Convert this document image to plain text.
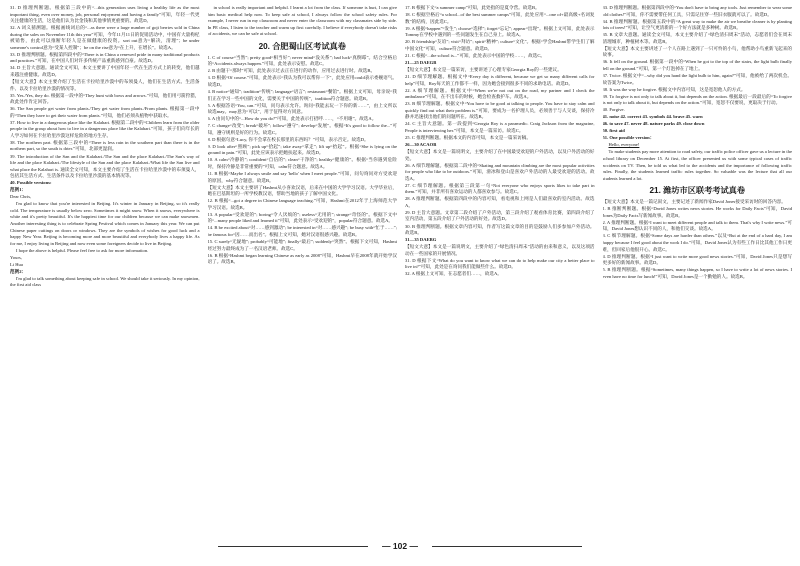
31. D 推理判断题。根据第三段中的“...this generation uses living a healthy life as the most important thing, even over money, job, personal enjoyment and having a family”可知，年轻一代更关注健康的生活，这是他们认为比金钱和其他事情更重要的。故选D。

32. A 词义猜测题。根据画线词后的“...as there were a large number of goji berries sold in China during the sales on November 11th this year”可知，今年11月11日的促销活动中，中国有大量枸杞被销售，由此可以推断年轻人是在做健康的投资。sort out意为“解决，清理”；be under someone's control意为“受某人控制”；be on the rise意为“在上升，在增长”。故选A。

33. D 推理判断题。根据第四段中的“There is in China a renewed pride in many traditional products and practices.”可知，在中国人们对许多传统产品重新感到自豪。故选D。

34. D 主旨大意题。通读全文可知，本文主要讲了中国年轻一代在生活方式上的转变，他们越来越注重健康。故选D。

【短文大意】本文主要介绍了生活在卡拉哈里沙漠中的布须曼人，他们在生活方式、生活条件、以及卡拉哈里沙漠的情况等。

35. Yes./Yes, they do. 根据第一段中的“They hunt with bows and arrows.”可知，他们用弓箭狩猎，故此处作肯定回答。

36. The San people get water from plants./They get water from plants./From plants. 根据第一段中的“Then they have to get their water from plants.”可知，他们必须从植物中获取水。

37. How to live in a dangerous place like the Kalahari. 根据第二段中的“Children learn from the older people in the group about how to live in a dangerous place like the Kalahari.”可知，孩子们向年长的人学习如何在卡拉哈里沙漠这样危险的地方生存。

38. The northern part. 根据第三段中的“There is less rain in the southern part than there is in the northern part, so the south is drier.”可知，北部更湿润。

39. The introduction of the San and the Kalahari./The San and the place Kalahari./The San's way of life and the place Kalahari./The lifestyle of the San and the place Kalahari./What life the San live and what place the Kalahari is. 通读全文可知，本文主要介绍了生活在卡拉哈里沙漠中的布须曼人，包括其生活方式、生活条件以及卡拉哈里沙漠的基本情况等。

40. Possible versions:

范例1：

Dear Chris,

I'm glad to know that you're interested in Beijing. It's winter in January in Beijing, so it's really cold. The temperature is usually below zero. Sometimes it might snow. When it snows, everywhere is white and it's pretty beautiful. It's the happiest time for our children because we can make snowmen. Another interesting thing is to celebrate Spring Festival which comes in January this year. We can put Chinese paper cuttings on doors or windows. They are the symbols of wishes for good luck and a happy New Year. Beijing is becoming more and more beautiful and everybody lives a happy life. As for me, I enjoy living in Beijing and now even some foreigners decide to live in Beijing.

I hope the above is helpful. Please feel free to ask for more information.

Yours,

Li Hua

范例2：

I'm glad to talk something about keeping safe in school. We should take it seriously. In my opinion, the first aid class

in school is really important and helpful. I learnt a lot from the class. If someone is hurt, I can give him basic medical help now. To keep safe at school, I always follow the school safety rules. For example, I never run in my classroom and never enter the classroom with my classmates side by side. In PE class, I listen to the teacher and warm up first carefully. I believe if everybody doesn't take risks of accidents, we can be safe at school.

20. 合肥蜀山区考试真卷

1. C of course“当然”; pretty good“相当好”; never mind“没关系”; bad luck“真倒霉”。结合空格后的“Accidents always happen.”可知，此处表示安慰。故选C。

2. B 由题干“那时”可知，此处表示过去正在进行的动作，应用过去进行时。故选B。

3. D 根据“Of course.”可知，此处表示“我认为我可以帮你一下”，此处应用could表示委婉语气。故选D。

4. B notice“通知”; tradition“传统”; language“语言”; restaurant“餐馆”。根据上文可知，母亲说“我们正在学习一些中国的文化，需要关于中国的传统”，tradition符合题意。故选B。

5. A 根据答语“You, can.”可知，问句表示允许。询问“我能去玩一下你的新……”，由上文所以故选may。may意为“可以”，用于征得对方同意。

6. A 由问句中的“...How do you do?”可知，此处表示打招呼……，“不用谢”。故选A。

7. C change“改变”; break“破坏”; follow“遵守”; develop“发展”。根据“It's good to follow the...”可知，遵守规则是好的行为。故选C。

8. D 根据句意“Lucy, 你不会拿在校长那里的东西吗？”可知，表示否定。故选D。

9. D look after“照顾”; pick up“拾起”; take away“拿走”; lift up“抬起”。根据“She is lying on the ground in pain.”可知，此处应该表示把她扶起来。故选D。

10. A calm“冷静的”; confident“自信的”; clean“干净的”; healthy“健康的”。根据“当你遇到危险时，保持冷静是非常重要的”可知，calm符合题意。故选A。

11. B 根据“Maybe I always smile and say 'hello' when I meet people.”可知，问句询问对方受欢迎的原因，why符合题意。故选B。

【短文大意】本文主要讲了Hashmi从小喜欢汉语，后来在中国的大学学习汉语。大学毕业后，她在巴基斯坦的一所学校教汉语，帮助当地的孩子了解中国文化。

12. B 根据“...got a degree in Chinese language teaching.”可知，Hashmi在2012年于上海师范大学学习汉语。故选B。

13. A popular“受欢迎的”; boring“令人厌烦的”; useless“无用的”; strange“奇怪的”。根据下文中的“...many people liked and learned it”可知，此处表示“受欢迎的”，popular符合题意。故选A。

14. B be excited about“对……感到激动”; be interested in“对……感兴趣”; be busy with“忙于……”; be famous for“因……而出名”。根据上文可知，她对汉语很感兴趣。故选B。

15. C surely“无疑地”; probably“可能地”; finally“最后”; suddenly“突然”。根据下文可知，Hashmi经过努力最终成为了一名汉语老师。故选C。

16. B 根据“Hashmi began learning Chinese as early as 2008”可知，Hashmi早在2008年就开始学汉语了。故选B。

17. B 根据下文“a summer camp”可知，此处指的是夏令营。故选B。

18. C 根据空格后“a school...of the best summer camps”可知，此处应用“...one of+最高级+名词复数”的结构，因此选C。

19. A 根据“happen”“发生”; choose“选择”; forget“忘记”; appear“出现”。根据上文可知，此处表示Tommy在学校中遇到的一些问题发生在自己身上。故选A。

20. B friendship“友谊”; visit“拜访”; spirit“精神”; culture“文化”。根据“学会Hashmi带学生们了解中国文化”可知，culture符合题意。故选D。

21. C 根据“...the school is...”可知，此处表示中国的学校……，故选C。

21—25 DAEGB

【短文大意】本文是一篇采访，主要讲述了心理专家Georgia Roy的一些建议。

21. D 细节理解题。根据文中“Every day is different, because we get so many different calls for help”可知，Roy每天的工作都不一样，因为她会接到很多不同的求助电话。故选D。

22. A 细节理解题。根据文中“When we're not out on the road, my partner and I check the ambulance”可知，在不出车的时候，她会检查救护车。故选A。

23. B 细节理解题。根据文中“You have to be good at talking to people. You have to stay calm and quickly find out what their problem is.”可知，要成为一名护理人员，必须善于与人交谈，保持冷静并迅速找出他们的问题所在。故选B。

24. C 主旨大意题。第一段提到“Georgia Roy is a paramedic. Craig Jackson from the magazine, People is interviewing her.”可知，本文是一篇采访。故选C。

25. C 推理判断题。根据本文的内容可知，本文是一篇采访稿。

26—30 ACAOB

【短文大意】本文是一篇说明文，主要介绍了在中国最受欢迎的户外活动，以及户外活动的好处。

26. A 细节理解题。根据第二段中的“Skating and mountain climbing are the most popular activities for people who like to be outdoors.”可知，滑冰和登山是喜欢户外活动的人最受欢迎的活动。故选A。

27. C 细节理解题。根据第三段第一句“Not everyone who enjoys sports likes to take part in them.”可知，并非所有喜欢运动的人都喜欢参与。故选C。

28. A 推理判断题。根据第四段中的内容可知，看电视和上网是人们最喜欢的室内活动。故选A。

29. D 主旨大意题。文章第二段介绍了户外活动，第三段介绍了观看体育比赛，第四段介绍了室内活动，第五段介绍了户外活动的好处。故选D。

30. B 推理判断题。根据文章内容可知，作者写这篇文章的目的是鼓励人们多参加户外活动。故选B。

31—35 DAEBG

【短文大意】本文是一篇说明文，主要介绍了“绿色清扫周末”活动的由来和意义，以及这项活动在一些国家的开展情况。

31. D 根据下文“What do you want to know what we can do to help make our city a better place to live in?”可知，此处是在询问我们能做些什么。故选D。

32. A 根据上文可知，在志愿者们……，故选A。

33. D 推理判断题。根据第四段中的“You don't have to bring any tools. Just remember to wear some old clothes!”可知，你不需要带任何工具，只需记住穿一些旧衣服就可以了。故选D。

34. B 推理判断题。根据第五段中的“A great way to make the air we breathe cleaner is by planting lots of trees!”可知，让空气更清新的一个好方法就是多种树。故选B。

35. B 文章大意题。通读全文可知，本文主要介绍了“绿色清扫周末”活动，志愿者们会在周末清理城市，种植树木等。故选B。

【短文大意】本文主要讲述了一个人在路上遇到了一只可怜的小鸟，他帮助小鸟重新飞起来的故事。

36. It fell on the ground. 根据第一段中的“When he got to the top of the stairs, the light bulb finally fell on the ground.”可知，第一个灯泡掉在了地上。

37. Twice. 根据文中“...why did you hand the light bulb to him, again?”可知，他被给了两次机会。故答案为Twice。

38. It was the way he forgive. 根据文中内容可知，这是宽恕他人的方式。

39. To forgive is not only to talk about it, but depends on the action. 根据最后一段最后的“To forgive is not only to talk about it, but depends on the action.”可知，宽恕不仅要说，更取决于行动。

40. Forgive.

41. noise 42. correct 43. symbols 44. brave 45. warn

46. to save 47. never 48. nature parks 49. close down

50. first aid

51. One possible version：

Hello, everyone!

To make students pay more attention to road safety, our traffic police officer gave us a lecture in the school library on December 15. At first, the officer presented us with some typical cases of traffic accidents on TV. Then, he told us what led to the accidents and the importance of following traffic rules. Finally, the students learned traffic rules together. So valuable was the lecture that all our students learned a lot.

21. 潍坊市区联考考试真卷

【短文大意】本文是一篇记叙文，主要记述了新闻作家David Jones接受采访时的回答内容。

1. B 推断判断题。根据“David Jones writes news stories. He works for Daily Facts”可知，David Jones为Daily Facts写新闻故事。故选B。

2. A 推理判断题。根据“I want to meet different people and talk to them. That's why I write news.”可知，David Jones想认识不同的人，和他们交谈。故选A。

3. C 细节理解题。根据“Some days are harder than others.”以及“But at the end of a hard day, I am happy because I feel good about the work I do.”可知，David Jones认为有些工作日比其他工作日更难，但回家后他很开心。故选C。

4. D 推理判断题。根据“I just want to write more good news stories.”可知，David Jones只是想写更多好的新闻故事。故选D。

5. B 推理判断题。根据“Sometimes, many things happen, so I have to write a lot of news stories. I even have no time for lunch!”可知，David Jones是一个勤勉的人。故选B。

— 102 —
